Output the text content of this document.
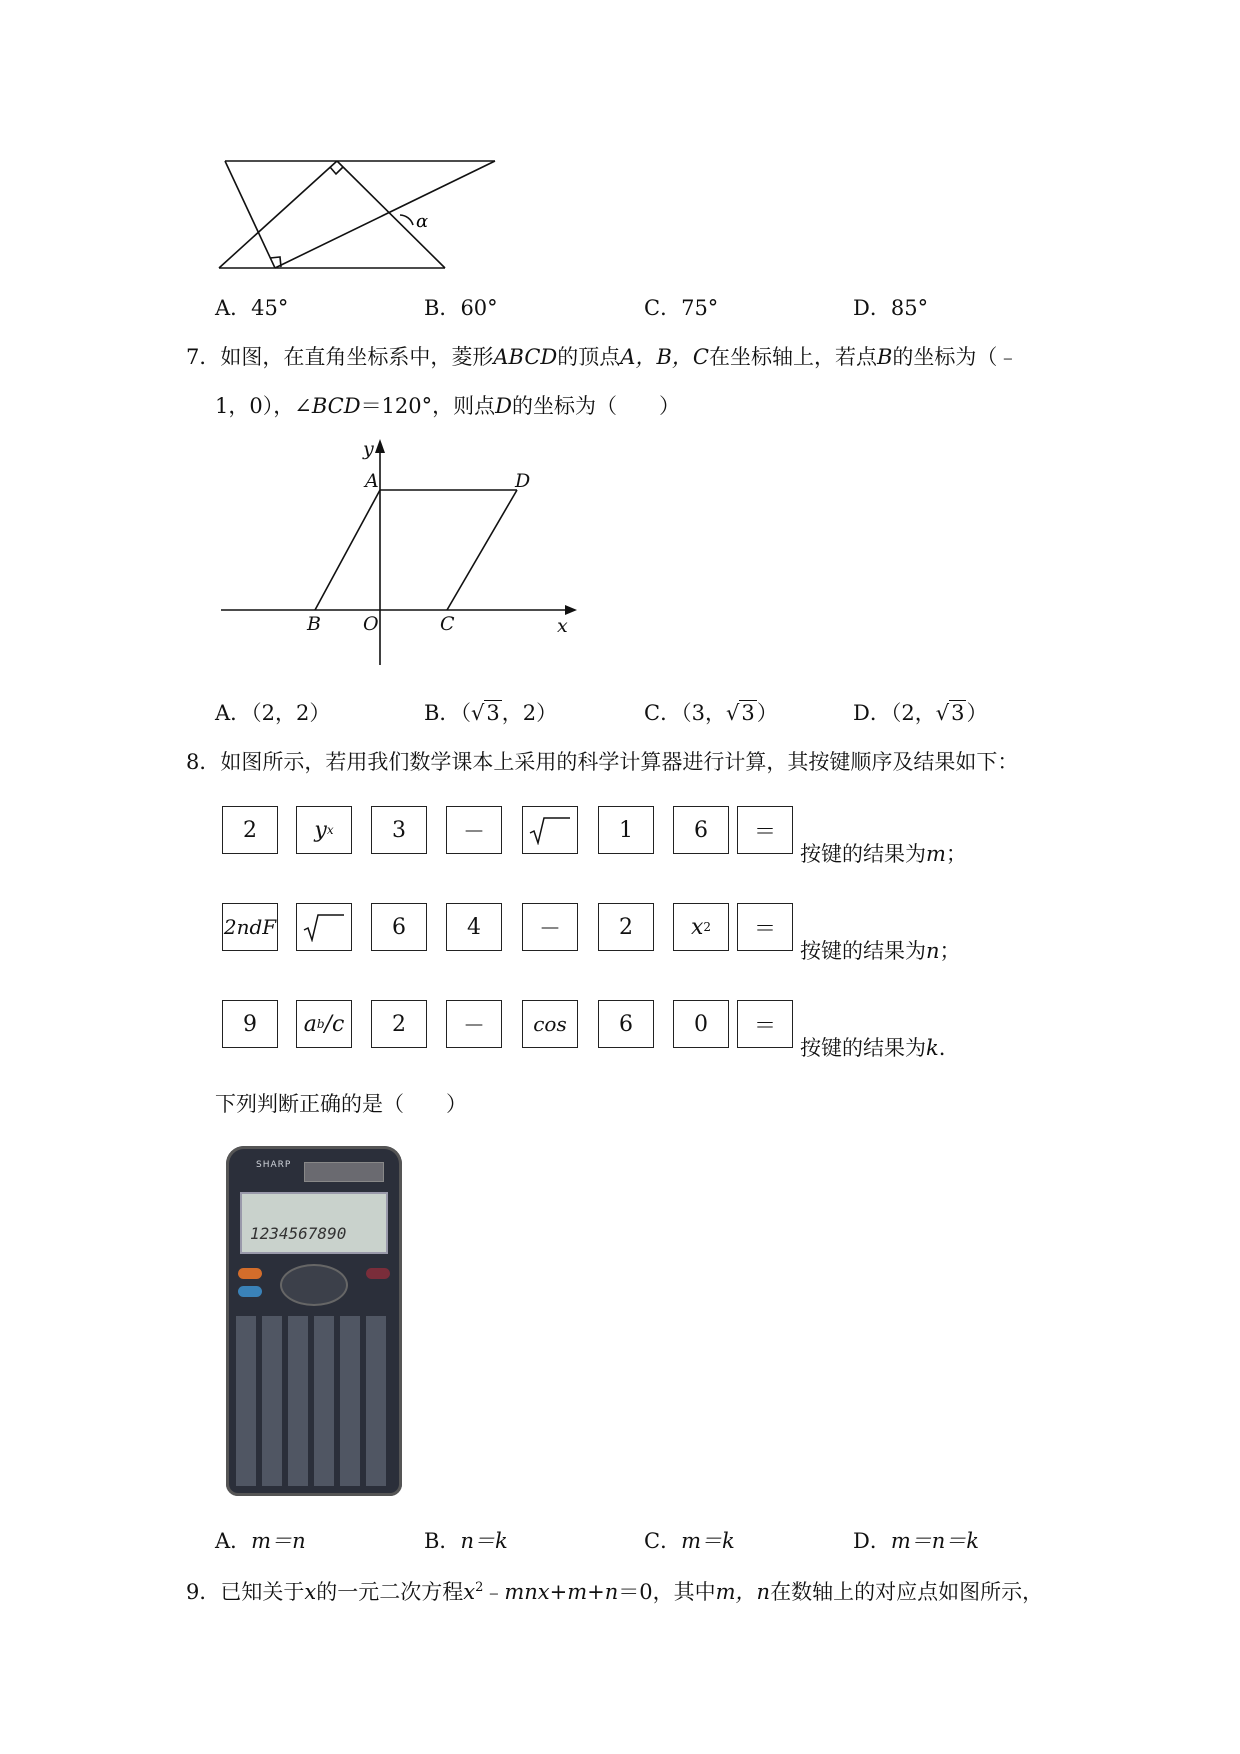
α
A．45°	B．60°	C．75°	D．85°
7．如图，在直角坐标系中，菱形ABCD的顶点A，B，C在坐标轴上，若点B的坐标为（﹣
1，0），∠BCD＝120°，则点D的坐标为（　　）
y
A	D
B O	C	x
A．（2，2）	B．（√3，2）	C．（3，√3）	D．（2，√3）
8．如图所示，若用我们数学课本上采用的科学计算器进行计算，其按键顺序及结果如下：
2	y x	3	－	1	6	＝
按键的结果为m；
2ndF	6	4	－	2	x 2	＝
按键的结果为n；
9	a b /c	2	－	cos	6	0	＝
按键的结果为k.
下列判断正确的是（　　）
SHARP
1234567890
A．m＝n	B．n＝k	C．m＝k	D．m＝n＝k
9．已知关于x的一元二次方程$x^2﹣mnx+m+n=0$，其中m，n在数轴上的对应点如图所示，
